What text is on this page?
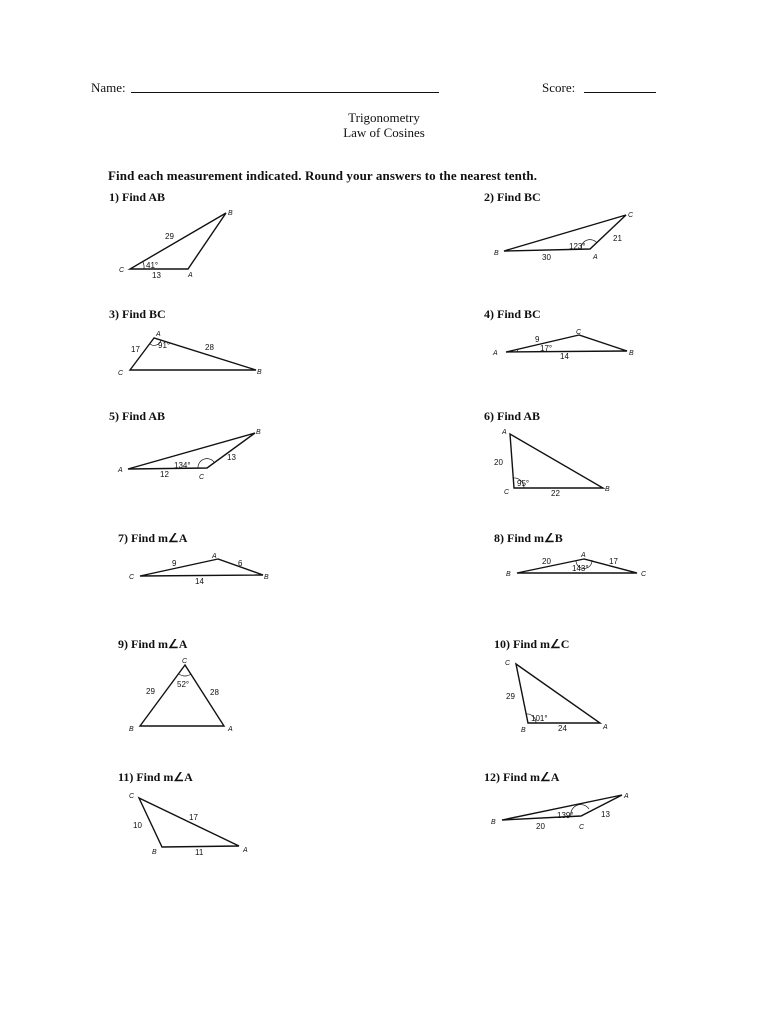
Name:	Score:
Trigonometry
Law of Cosines
Find each measurement indicated. Round your answers to the nearest tenth.
1) Find AB
B
C
A
29
13
41°
2) Find BC
C
B
A
21
30
123°
3) Find BC
A
C	B
17	28
91°
4) Find BC
C
A	B
9
14
17°
5) Find AB
B
A
C
12
13
134°
6) Find AB
A
C	B
20
22
95°
7) Find m∠A
A
C	B
9	6
14
8) Find m∠B
A
B	C
20	17
143°
9) Find m∠A
C
B	A
29	28
52°
10) Find m∠C
C
B	A
29
24
101°
11) Find m∠A
C
B	A
10
17
11
12) Find m∠A
A
B
C
13
20
139°
